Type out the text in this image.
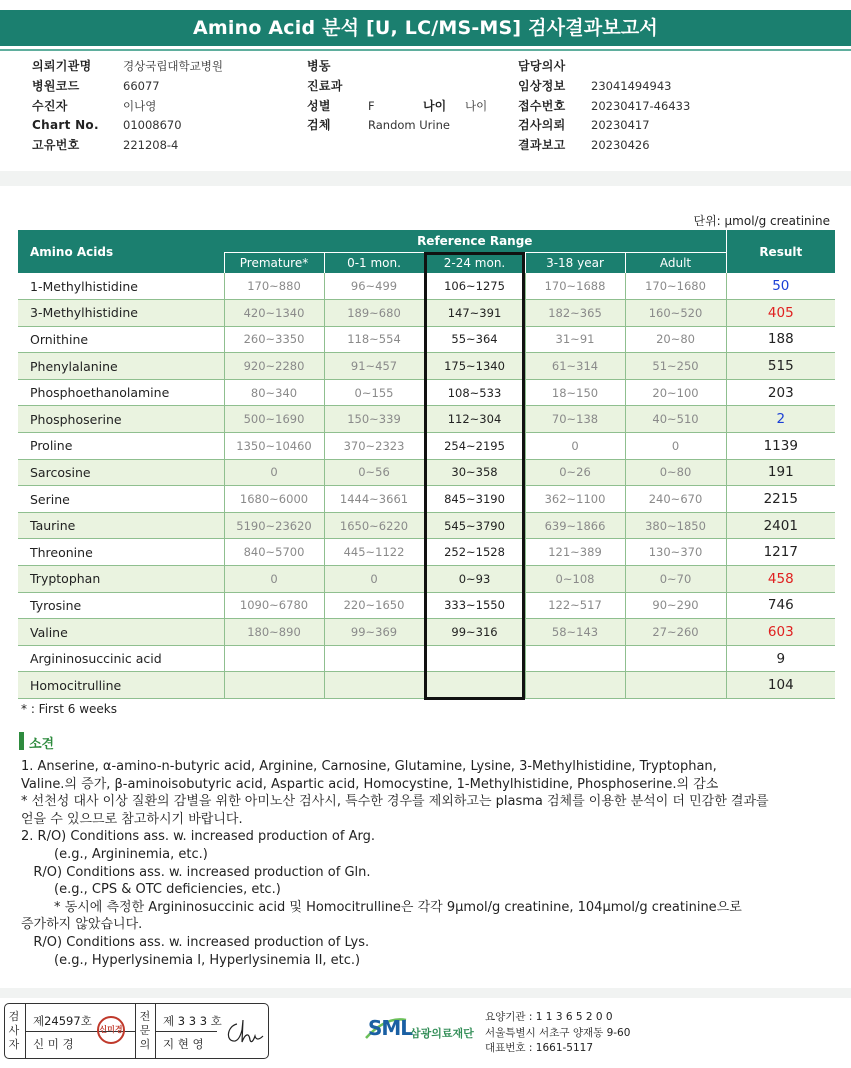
Amino Acid 분석 [U, LC/MS-MS] 검사결과보고서
의뢰기관명	경상국립대학교병원
병원코드	66077
수진자	이나영
Chart No. 01008670
고유번호	221208-4
병동
진료과
성별	F	나이 나이
검체	Random Urine
담당의사
임상정보 23041494943
접수번호 20230417-46433
검사의뢰 20230417
결과보고 20230426
단위: μmol/g creatinine
Amino Acids	Reference Range					Result
	Premature*	0-1 mon.	2-24 mon.	3-18 year	Adult	
1-Methylhistidine	170~880	96~499	106~1275	170~1688	170~1680	50
3-Methylhistidine	420~1340	189~680	147~391	182~365	160~520	405
Ornithine	260~3350	118~554	55~364	31~91	20~80	188
Phenylalanine	920~2280	91~457	175~1340	61~314	51~250	515
Phosphoethanolamine	80~340	0~155	108~533	18~150	20~100	203
Phosphoserine	500~1690	150~339	112~304	70~138	40~510	2
Proline	1350~10460	370~2323	254~2195	0	0	1139
Sarcosine	0	0~56	30~358	0~26	0~80	191
Serine	1680~6000	1444~3661	845~3190	362~1100	240~670	2215
Taurine	5190~23620	1650~6220	545~3790	639~1866	380~1850	2401
Threonine	840~5700	445~1122	252~1528	121~389	130~370	1217
Tryptophan	0	0	0~93	0~108	0~70	458
Tyrosine	1090~6780	220~1650	333~1550	122~517	90~290	746
Valine	180~890	99~369	99~316	58~143	27~260	603
Argininosuccinic acid						9
Homocitrulline						104
* : First 6 weeks
소견
1. Anserine, α-amino-n-butyric acid, Arginine, Carnosine, Glutamine, Lysine, 3-Methylhistidine, Tryptophan,
Valine.의 증가, β-aminoisobutyric acid, Aspartic acid, Homocystine, 1-Methylhistidine, Phosphoserine.의 감소
* 선천성 대사 이상 질환의 감별을 위한 아미노산 검사시, 특수한 경우를 제외하고는 plasma 검체를 이용한 분석이 더 민감한 결과를
얻을 수 있으므로 참고하시기 바랍니다.
2. R/O) Conditions ass. w. increased production of Arg.
(e.g., Argininemia, etc.)
R/O) Conditions ass. w. increased production of Gln.
(e.g., CPS & OTC deficiencies, etc.)
* 동시에 측정한 Argininosuccinic acid 및 Homocitrulline은 각각 9μmol/g creatinine, 104μmol/g creatinine으로
증가하지 않았습니다.
R/O) Conditions ass. w. increased production of Lys.
(e.g., Hyperlysinemia I, Hyperlysinemia II, etc.)
검사자
제24597호
신 미 경
신미경
전문의
제 3 3 3 호
지 현 영
SML
삼광의료재단
요양기관 : 1 1 3 6 5 2 0 0
서울특별시 서초구 양재동 9-60
대표번호 : 1661-5117
